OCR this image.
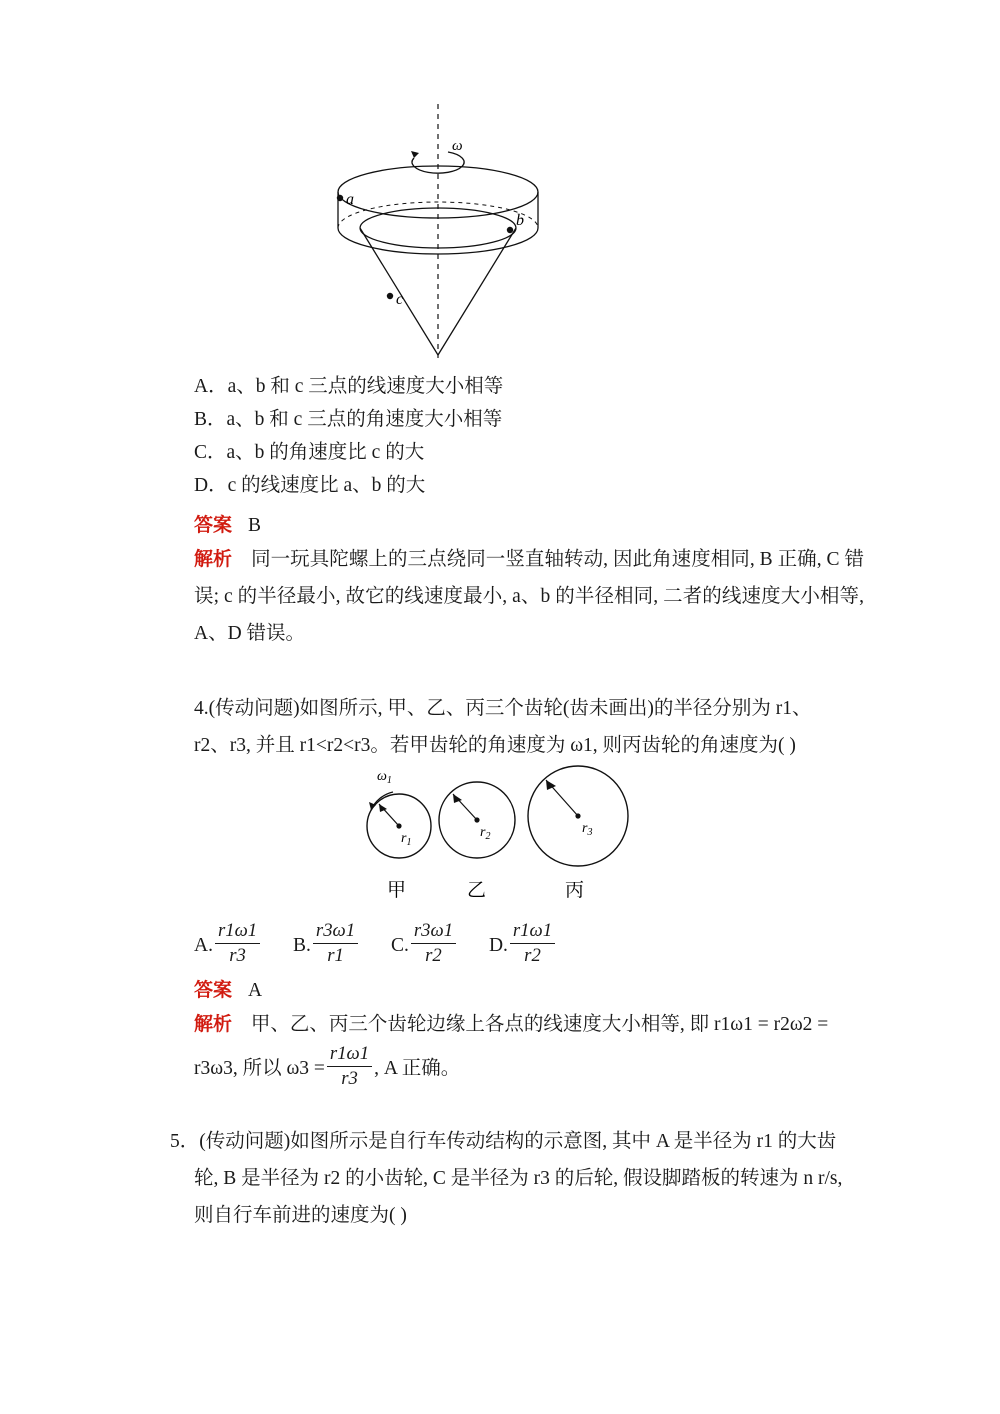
ω
a
b
c
A．a、b 和 c 三点的线速度大小相等
B．a、b 和 c 三点的角速度大小相等
C．a、b 的角速度比 c 的大
D．c 的线速度比 a、b 的大
答案 B
解析 同一玩具陀螺上的三点绕同一竖直轴转动, 因此角速度相同, B 正确, C 错误; c 的半径最小, 故它的线速度最小, a、b 的半径相同, 二者的线速度大小相等, A、D 错误。
4.(传动问题)如图所示, 甲、乙、丙三个齿轮(齿未画出)的半径分别为 r1、
r2、r3, 并且 r1<r2<r3。若甲齿轮的角速度为 ω1, 则丙齿轮的角速度为( )
$r_1$
$\omega_1$
$r_2$
$r_3$
甲	乙	丙
A. $\frac{r1\omega 1}{r3} B$. $\frac{r3\omega 1}{r1} C$. $\frac{r3\omega 1}{r2} D$. $\frac{r1\omega 1}{r2}$
答案 A
解析 甲、乙、丙三个齿轮边缘上各点的线速度大小相等, 即 r1ω1 = r2ω2 =
r3ω3, 所以 $\omega 3 = \frac{r1\omega 1}{r3}$ , A 正确。
5．(传动问题)如图所示是自行车传动结构的示意图, 其中 A 是半径为 r1 的大齿
轮, B 是半径为 r2 的小齿轮, C 是半径为 r3 的后轮, 假设脚踏板的转速为 n r/s,
则自行车前进的速度为( )
